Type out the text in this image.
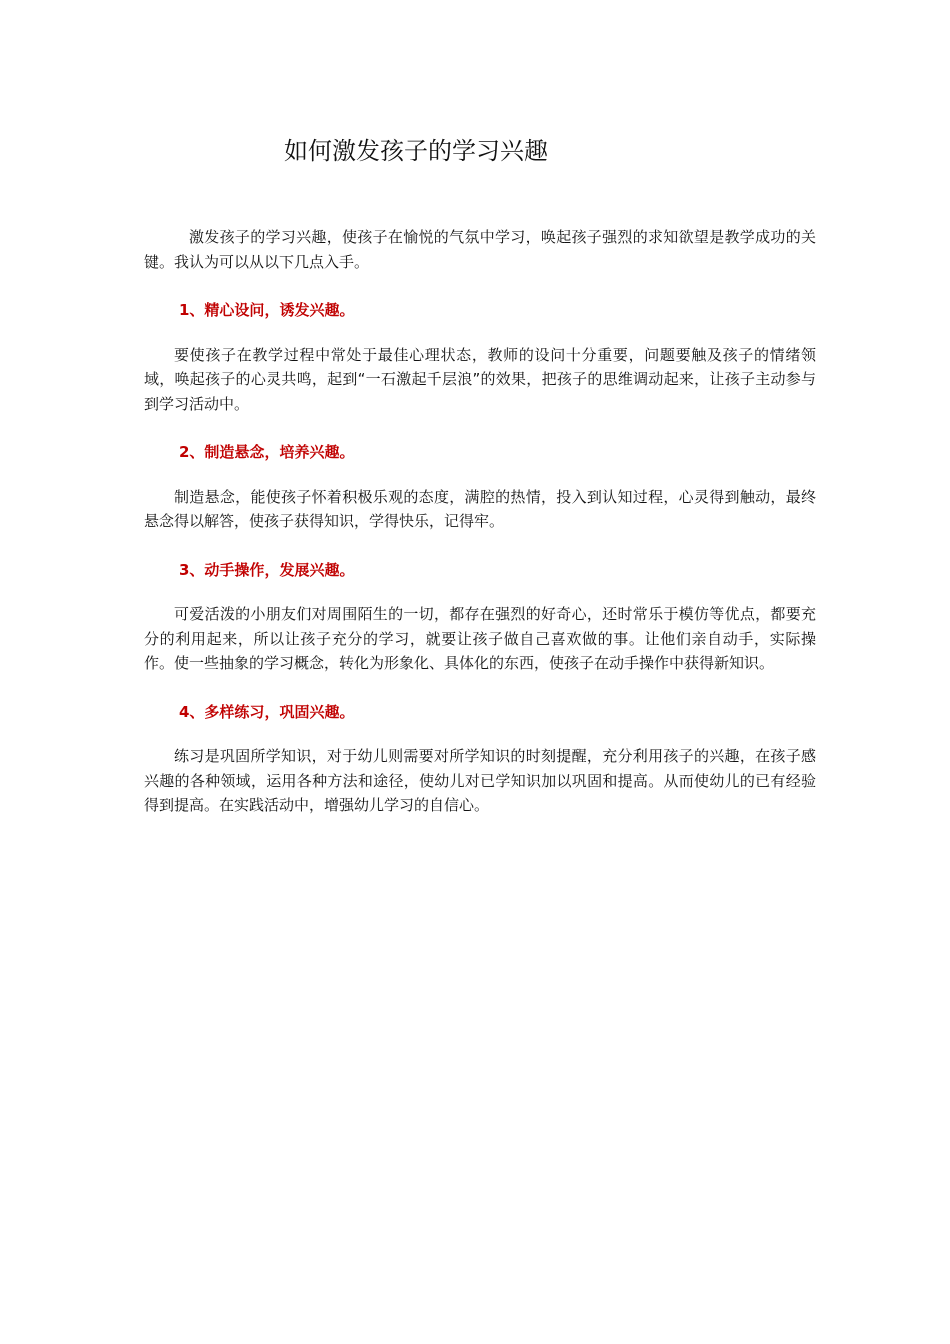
如何激发孩子的学习兴趣

激发孩子的学习兴趣，使孩子在愉悦的气氛中学习，唤起孩子强烈的求知欲望是教学成功的关键。我认为可以从以下几点入手。

1、精心设问，诱发兴趣。

要使孩子在教学过程中常处于最佳心理状态，教师的设问十分重要，问题要触及孩子的情绪领域，唤起孩子的心灵共鸣，起到“一石激起千层浪”的效果，把孩子的思维调动起来，让孩子主动参与到学习活动中。

2、制造悬念，培养兴趣。

制造悬念，能使孩子怀着积极乐观的态度，满腔的热情，投入到认知过程，心灵得到触动，最终悬念得以解答，使孩子获得知识，学得快乐，记得牢。

3、动手操作，发展兴趣。

可爱活泼的小朋友们对周围陌生的一切，都存在强烈的好奇心，还时常乐于模仿等优点，都要充分的利用起来，所以让孩子充分的学习，就要让孩子做自己喜欢做的事。让他们亲自动手，实际操作。使一些抽象的学习概念，转化为形象化、具体化的东西，使孩子在动手操作中获得新知识。

4、多样练习，巩固兴趣。

练习是巩固所学知识，对于幼儿则需要对所学知识的时刻提醒，充分利用孩子的兴趣，在孩子感兴趣的各种领域，运用各种方法和途径，使幼儿对已学知识加以巩固和提高。从而使幼儿的已有经验得到提高。在实践活动中，增强幼儿学习的自信心。
